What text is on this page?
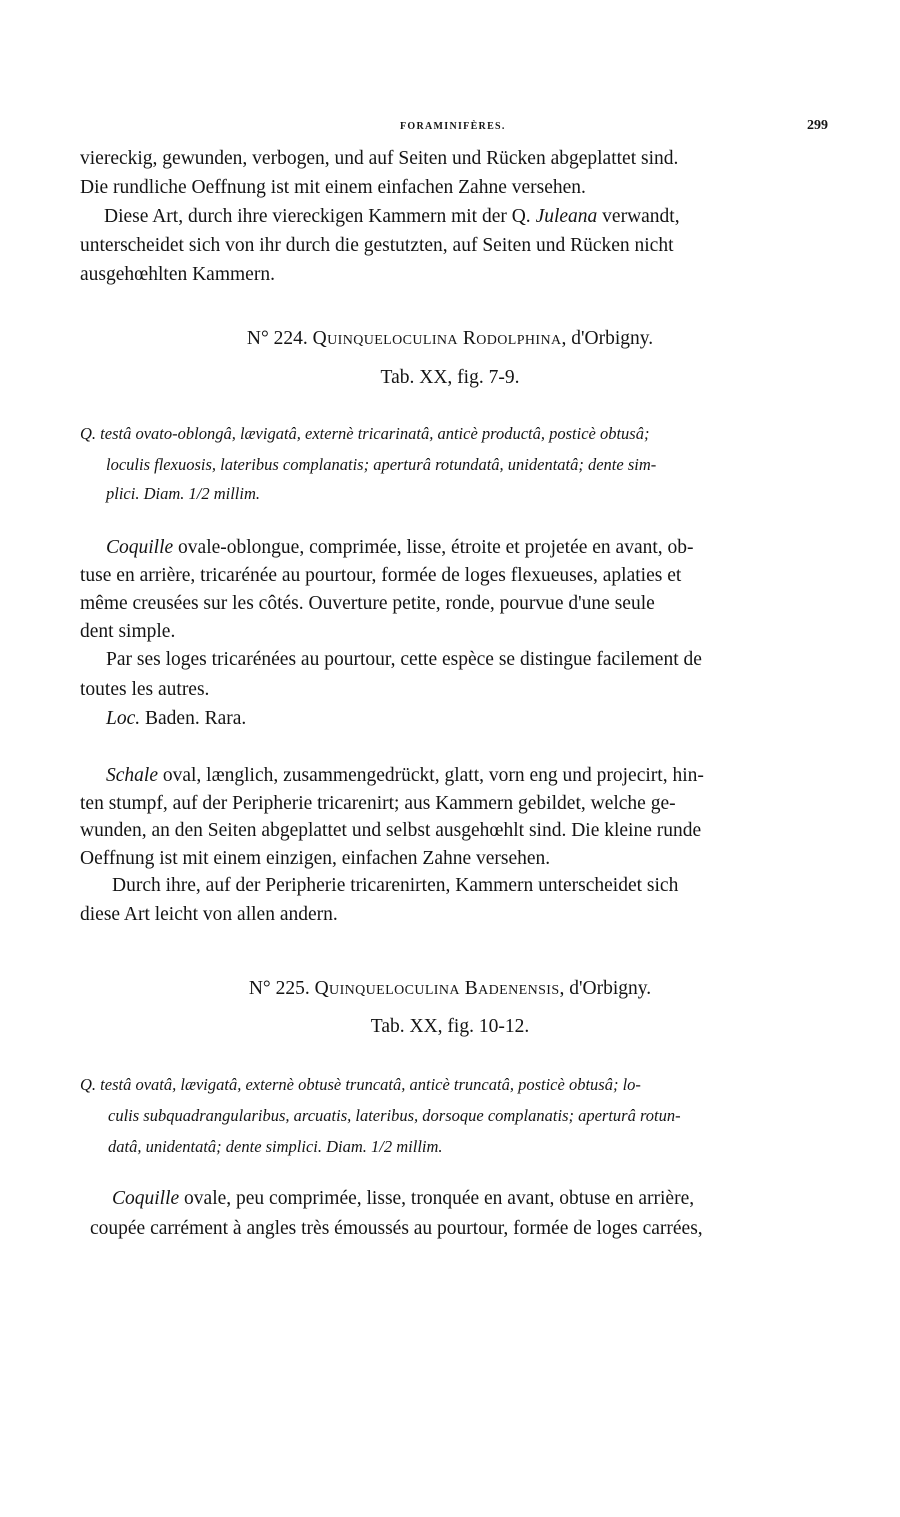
FORAMINIFÈRES.	299
viereckig, gewunden, verbogen, und auf Seiten und Rücken abgeplattet sind.
Die rundliche Oeffnung ist mit einem einfachen Zahne versehen.
Diese Art, durch ihre viereckigen Kammern mit der Q. Juleana verwandt,
unterscheidet sich von ihr durch die gestutzten, auf Seiten und Rücken nicht
ausgehœhlten Kammern.
N° 224. Quinqueloculina Rodolphina, d'Orbigny.
Tab. XX, fig. 7-9.
Q. testâ ovato-oblongâ, lævigatâ, externè tricarinatâ, anticè productâ, posticè obtusâ;
loculis flexuosis, lateribus complanatis; aperturâ rotundatâ, unidentatâ; dente sim-
plici. Diam. 1/2 millim.
Coquille ovale-oblongue, comprimée, lisse, étroite et projetée en avant, ob-
tuse en arrière, tricarénée au pourtour, formée de loges flexueuses, aplaties et
même creusées sur les côtés. Ouverture petite, ronde, pourvue d'une seule
dent simple.
Par ses loges tricarénées au pourtour, cette espèce se distingue facilement de
toutes les autres.
Loc. Baden. Rara.
Schale oval, længlich, zusammengedrückt, glatt, vorn eng und projecirt, hin-
ten stumpf, auf der Peripherie tricarenirt; aus Kammern gebildet, welche ge-
wunden, an den Seiten abgeplattet und selbst ausgehœhlt sind. Die kleine runde
Oeffnung ist mit einem einzigen, einfachen Zahne versehen.
Durch ihre, auf der Peripherie tricarenirten, Kammern unterscheidet sich
diese Art leicht von allen andern.
N° 225. Quinqueloculina Badenensis, d'Orbigny.
Tab. XX, fig. 10-12.
Q. testâ ovatâ, lævigatâ, externè obtusè truncatâ, anticè truncatâ, posticè obtusâ; lo-
culis subquadrangularibus, arcuatis, lateribus, dorsoque complanatis; aperturâ rotun-
datâ, unidentatâ; dente simplici. Diam. 1/2 millim.
Coquille ovale, peu comprimée, lisse, tronquée en avant, obtuse en arrière,
coupée carrément à angles très émoussés au pourtour, formée de loges carrées,
